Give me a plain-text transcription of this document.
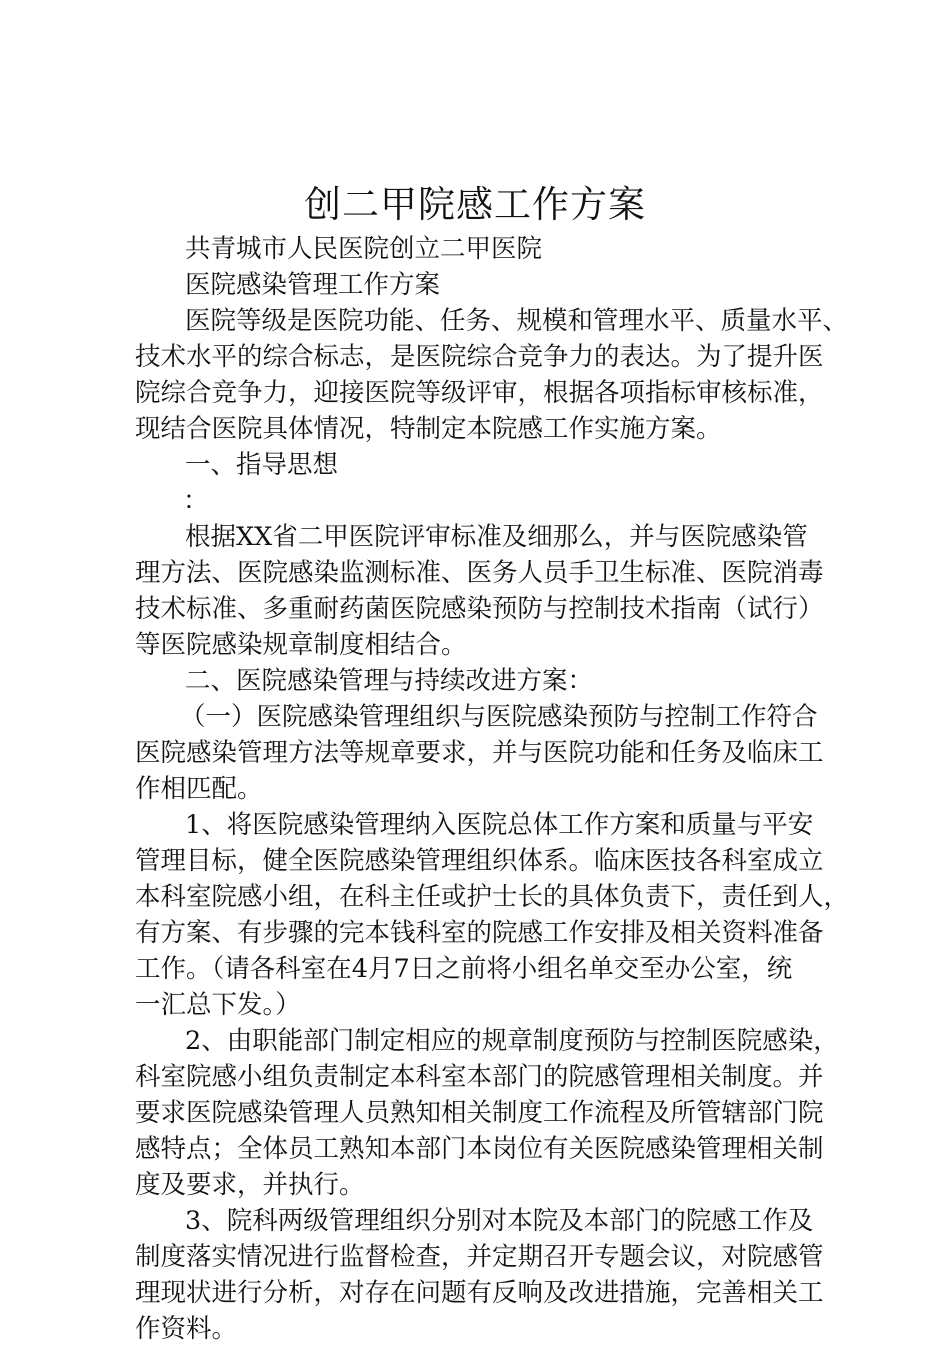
创二甲院感工作方案
共青城市人民医院创立二甲医院
医院感染管理工作方案
医院等级是医院功能、任务、规模和管理水平、质量水平、
技术水平的综合标志，是医院综合竞争力的表达。为了提升医
院综合竞争力，迎接医院等级评审，根据各项指标审核标准，
现结合医院具体情况，特制定本院感工作实施方案。
一、指导思想
：
根据XX省二甲医院评审标准及细那么，并与医院感染管
理方法、医院感染监测标准、医务人员手卫生标准、医院消毒
技术标准、多重耐药菌医院感染预防与控制技术指南（试行）
等医院感染规章制度相结合。
二、医院感染管理与持续改进方案：
（一）医院感染管理组织与医院感染预防与控制工作符合
医院感染管理方法等规章要求，并与医院功能和任务及临床工
作相匹配。
1、将医院感染管理纳入医院总体工作方案和质量与平安
管理目标，健全医院感染管理组织体系。临床医技各科室成立
本科室院感小组，在科主任或护士长的具体负责下，责任到人，
有方案、有步骤的完本钱科室的院感工作安排及相关资料准备
工作。（请各科室在4月7日之前将小组名单交至办公室，统
一汇总下发。）
2、由职能部门制定相应的规章制度预防与控制医院感染，
科室院感小组负责制定本科室本部门的院感管理相关制度。并
要求医院感染管理人员熟知相关制度工作流程及所管辖部门院
感特点；全体员工熟知本部门本岗位有关医院感染管理相关制
度及要求，并执行。
3、院科两级管理组织分别对本院及本部门的院感工作及
制度落实情况进行监督检查，并定期召开专题会议，对院感管
理现状进行分析，对存在问题有反响及改进措施，完善相关工
作资料。
